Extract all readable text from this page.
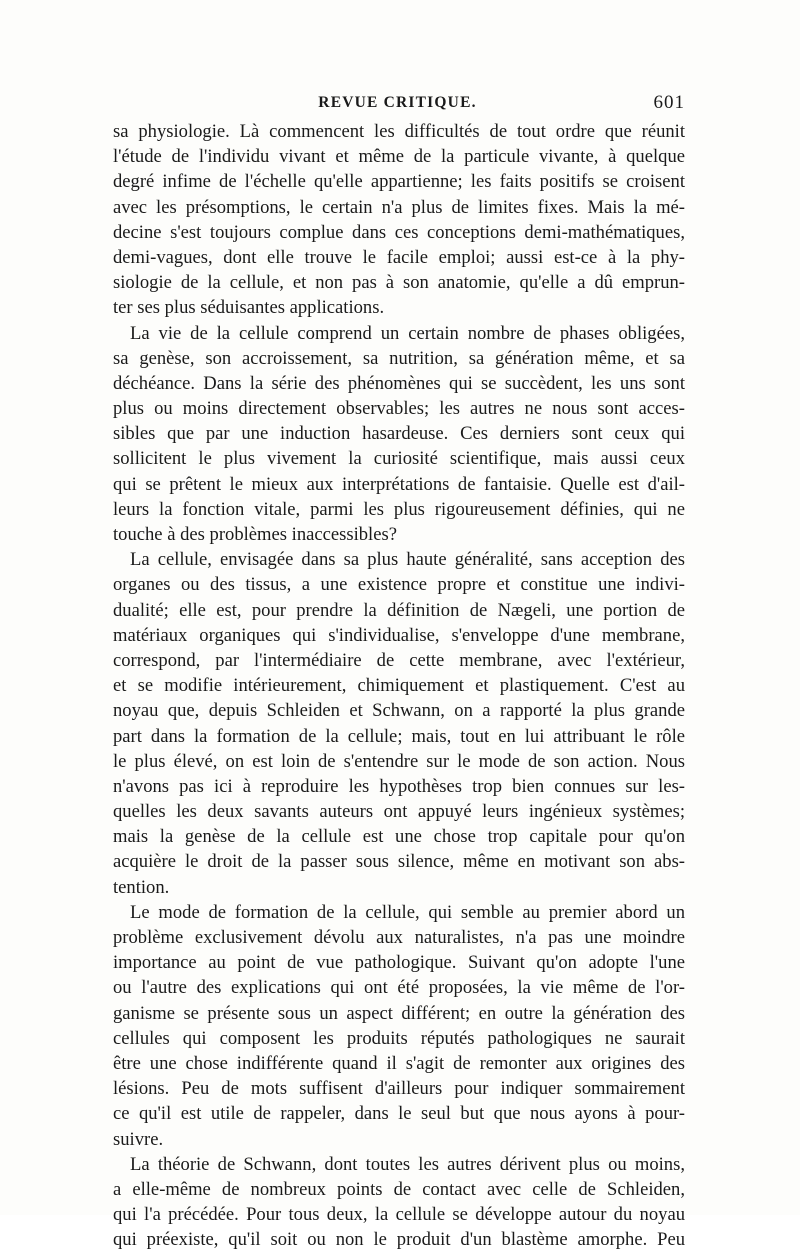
REVUE CRITIQUE.	601
sa physiologie. Là commencent les difficultés de tout ordre que réunit
l'étude de l'individu vivant et même de la particule vivante, à quelque
degré infime de l'échelle qu'elle appartienne; les faits positifs se croisent
avec les présomptions, le certain n'a plus de limites fixes. Mais la mé-
decine s'est toujours complue dans ces conceptions demi-mathématiques,
demi-vagues, dont elle trouve le facile emploi; aussi est-ce à la phy-
siologie de la cellule, et non pas à son anatomie, qu'elle a dû emprun-
ter ses plus séduisantes applications.
La vie de la cellule comprend un certain nombre de phases obligées,
sa genèse, son accroissement, sa nutrition, sa génération même, et sa
déchéance. Dans la série des phénomènes qui se succèdent, les uns sont
plus ou moins directement observables; les autres ne nous sont acces-
sibles que par une induction hasardeuse. Ces derniers sont ceux qui
sollicitent le plus vivement la curiosité scientifique, mais aussi ceux
qui se prêtent le mieux aux interprétations de fantaisie. Quelle est d'ail-
leurs la fonction vitale, parmi les plus rigoureusement définies, qui ne
touche à des problèmes inaccessibles?
La cellule, envisagée dans sa plus haute généralité, sans acception des
organes ou des tissus, a une existence propre et constitue une indivi-
dualité; elle est, pour prendre la définition de Nægeli, une portion de
matériaux organiques qui s'individualise, s'enveloppe d'une membrane,
correspond, par l'intermédiaire de cette membrane, avec l'extérieur,
et se modifie intérieurement, chimiquement et plastiquement. C'est au
noyau que, depuis Schleiden et Schwann, on a rapporté la plus grande
part dans la formation de la cellule; mais, tout en lui attribuant le rôle
le plus élevé, on est loin de s'entendre sur le mode de son action. Nous
n'avons pas ici à reproduire les hypothèses trop bien connues sur les-
quelles les deux savants auteurs ont appuyé leurs ingénieux systèmes;
mais la genèse de la cellule est une chose trop capitale pour qu'on
acquière le droit de la passer sous silence, même en motivant son abs-
tention.
Le mode de formation de la cellule, qui semble au premier abord un
problème exclusivement dévolu aux naturalistes, n'a pas une moindre
importance au point de vue pathologique. Suivant qu'on adopte l'une
ou l'autre des explications qui ont été proposées, la vie même de l'or-
ganisme se présente sous un aspect différent; en outre la génération des
cellules qui composent les produits réputés pathologiques ne saurait
être une chose indifférente quand il s'agit de remonter aux origines des
lésions. Peu de mots suffisent d'ailleurs pour indiquer sommairement
ce qu'il est utile de rappeler, dans le seul but que nous ayons à pour-
suivre.
La théorie de Schwann, dont toutes les autres dérivent plus ou moins,
a elle-même de nombreux points de contact avec celle de Schleiden,
qui l'a précédée. Pour tous deux, la cellule se développe autour du noyau
qui préexiste, qu'il soit ou non le produit d'un blastème amorphe. Peu
